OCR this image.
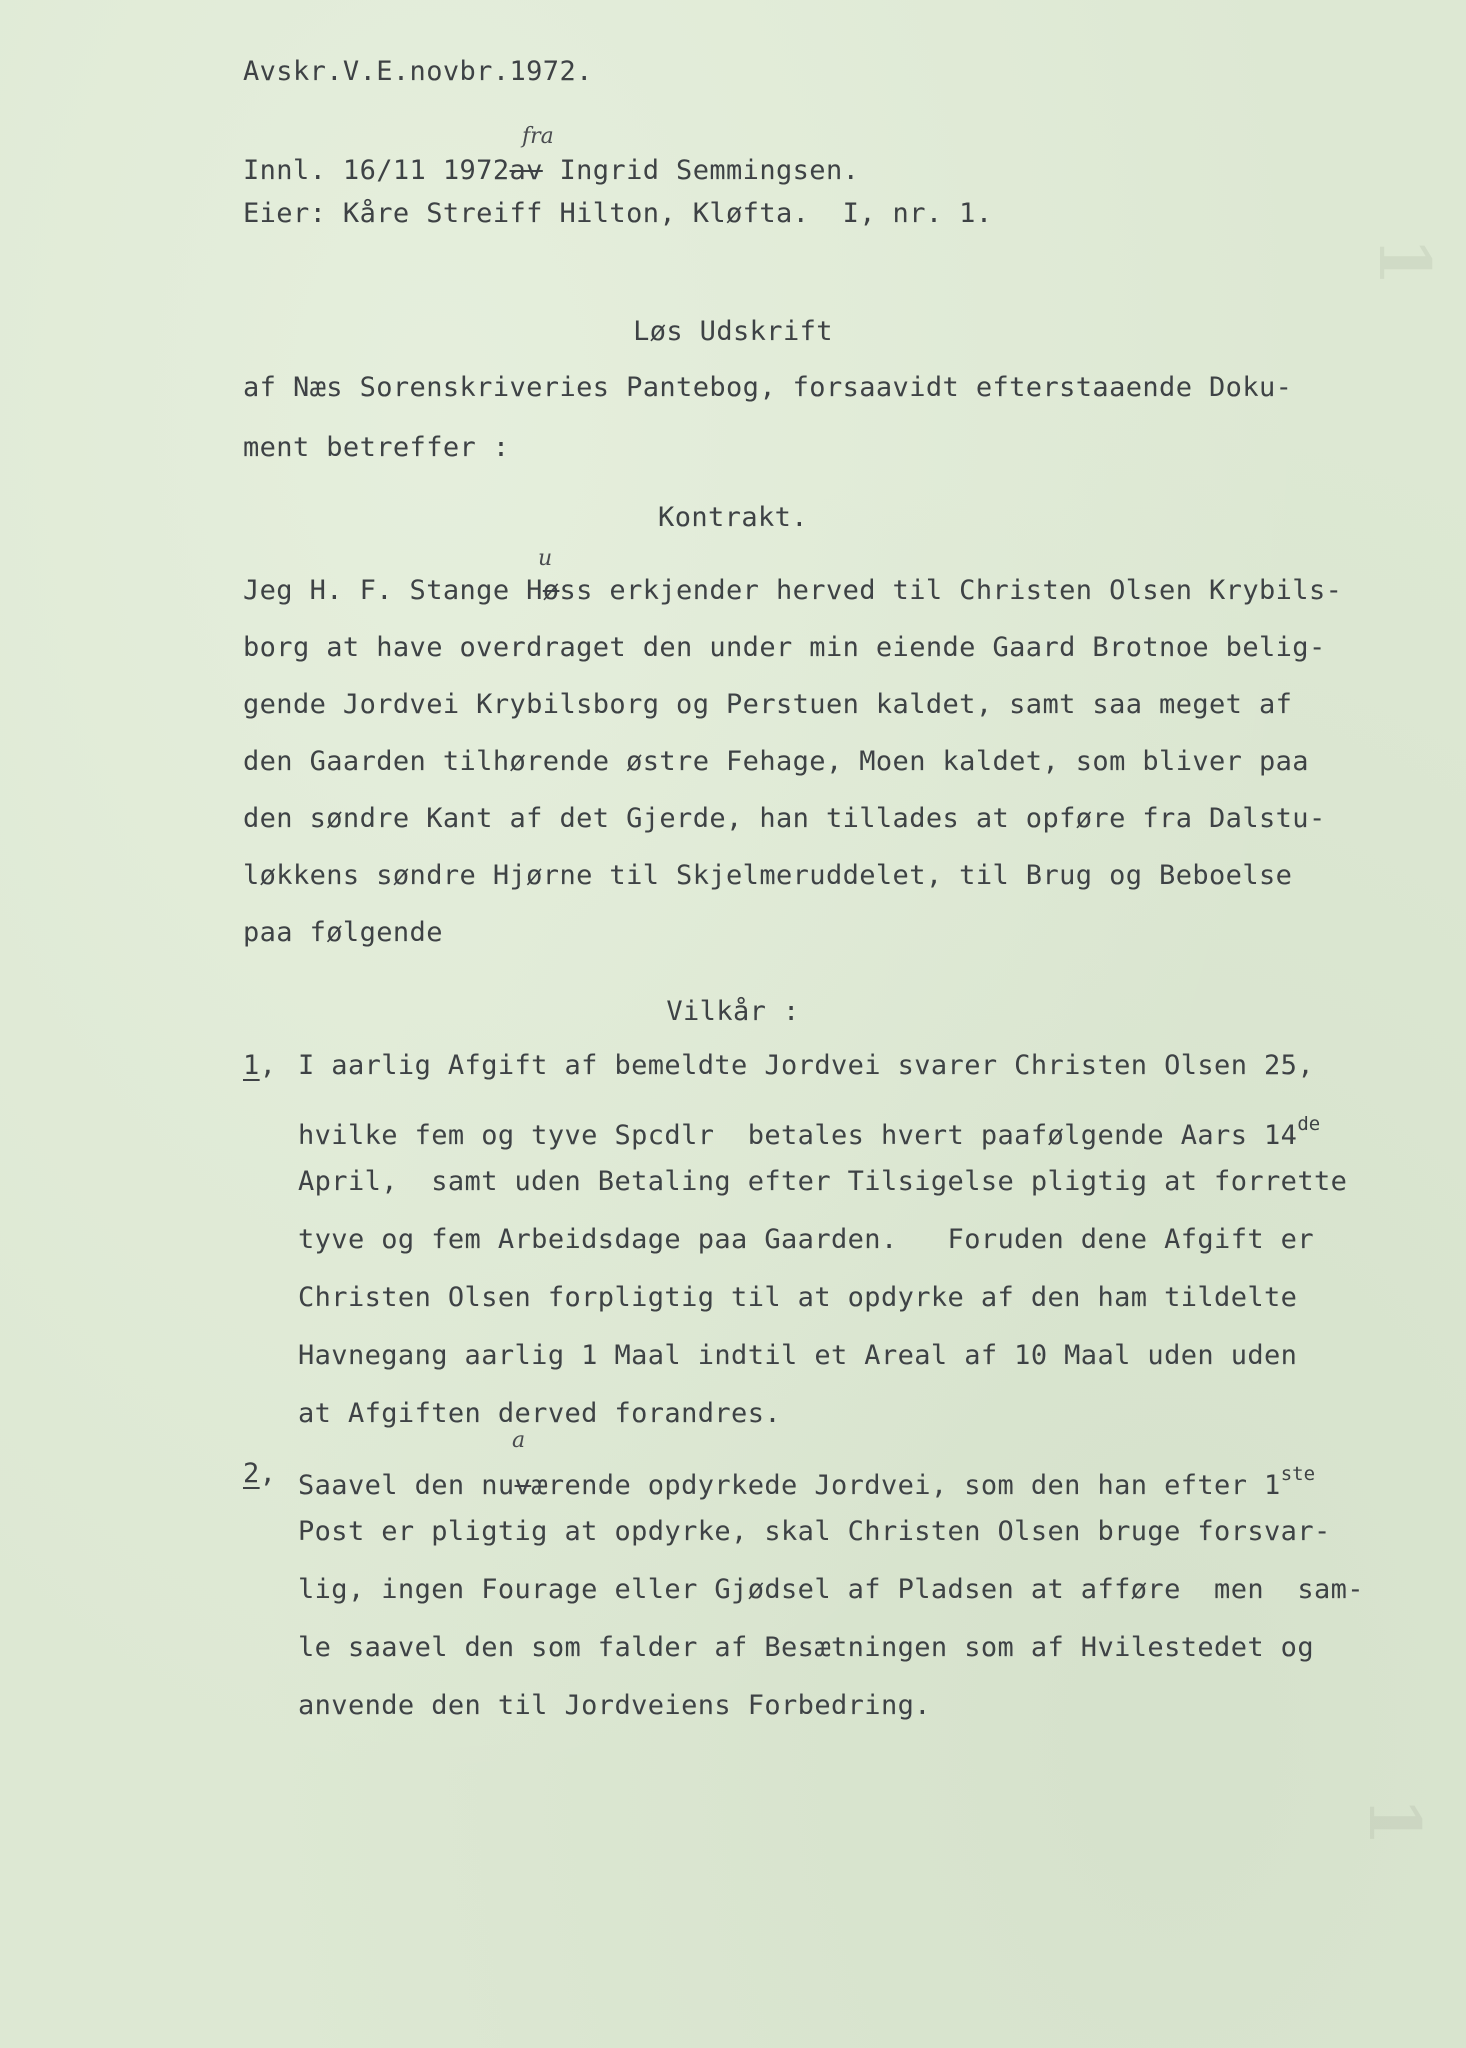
1
1
Avskr.V.E.novbr.1972.
Innl. 16/11 1972av Ingrid Semmingsen.
fra
Eier: Kåre Streiff Hilton, Kløfta.  I, nr. 1.
Løs Udskrift
af Næs Sorenskriveries Pantebog, forsaavidt efterstaaende Doku-
ment betreffer :
Kontrakt.
Jeg H. F. Stange Høss erkjender herved til Christen Olsen Krybils-
u
borg at have overdraget den under min eiende Gaard Brotnoe belig-
gende Jordvei Krybilsborg og Perstuen kaldet, samt saa meget af
den Gaarden tilhørende østre Fehage, Moen kaldet, som bliver paa
den søndre Kant af det Gjerde, han tillades at opføre fra Dalstu-
løkkens søndre Hjørne til Skjelmeruddelet, til Brug og Beboelse
paa følgende
Vilkår :
1, I aarlig Afgift af bemeldte Jordvei svarer Christen Olsen 25,
hvilke fem og tyve Spcdlr  betales hvert paafølgende Aars 14de
April,  samt uden Betaling efter Tilsigelse pligtig at forrette
tyve og fem Arbeidsdage paa Gaarden.   Foruden dene Afgift er
Christen Olsen forpligtig til at opdyrke af den ham tildelte
Havnegang aarlig 1 Maal indtil et Areal af 10 Maal uden uden
at Afgiften derved forandres.
2, Saavel den nuværende opdyrkede Jordvei, som den han efter 1ste
a
Post er pligtig at opdyrke, skal Christen Olsen bruge forsvar-
lig, ingen Fourage eller Gjødsel af Pladsen at afføre  men  sam-
le saavel den som falder af Besætningen som af Hvilestedet og
anvende den til Jordveiens Forbedring.
